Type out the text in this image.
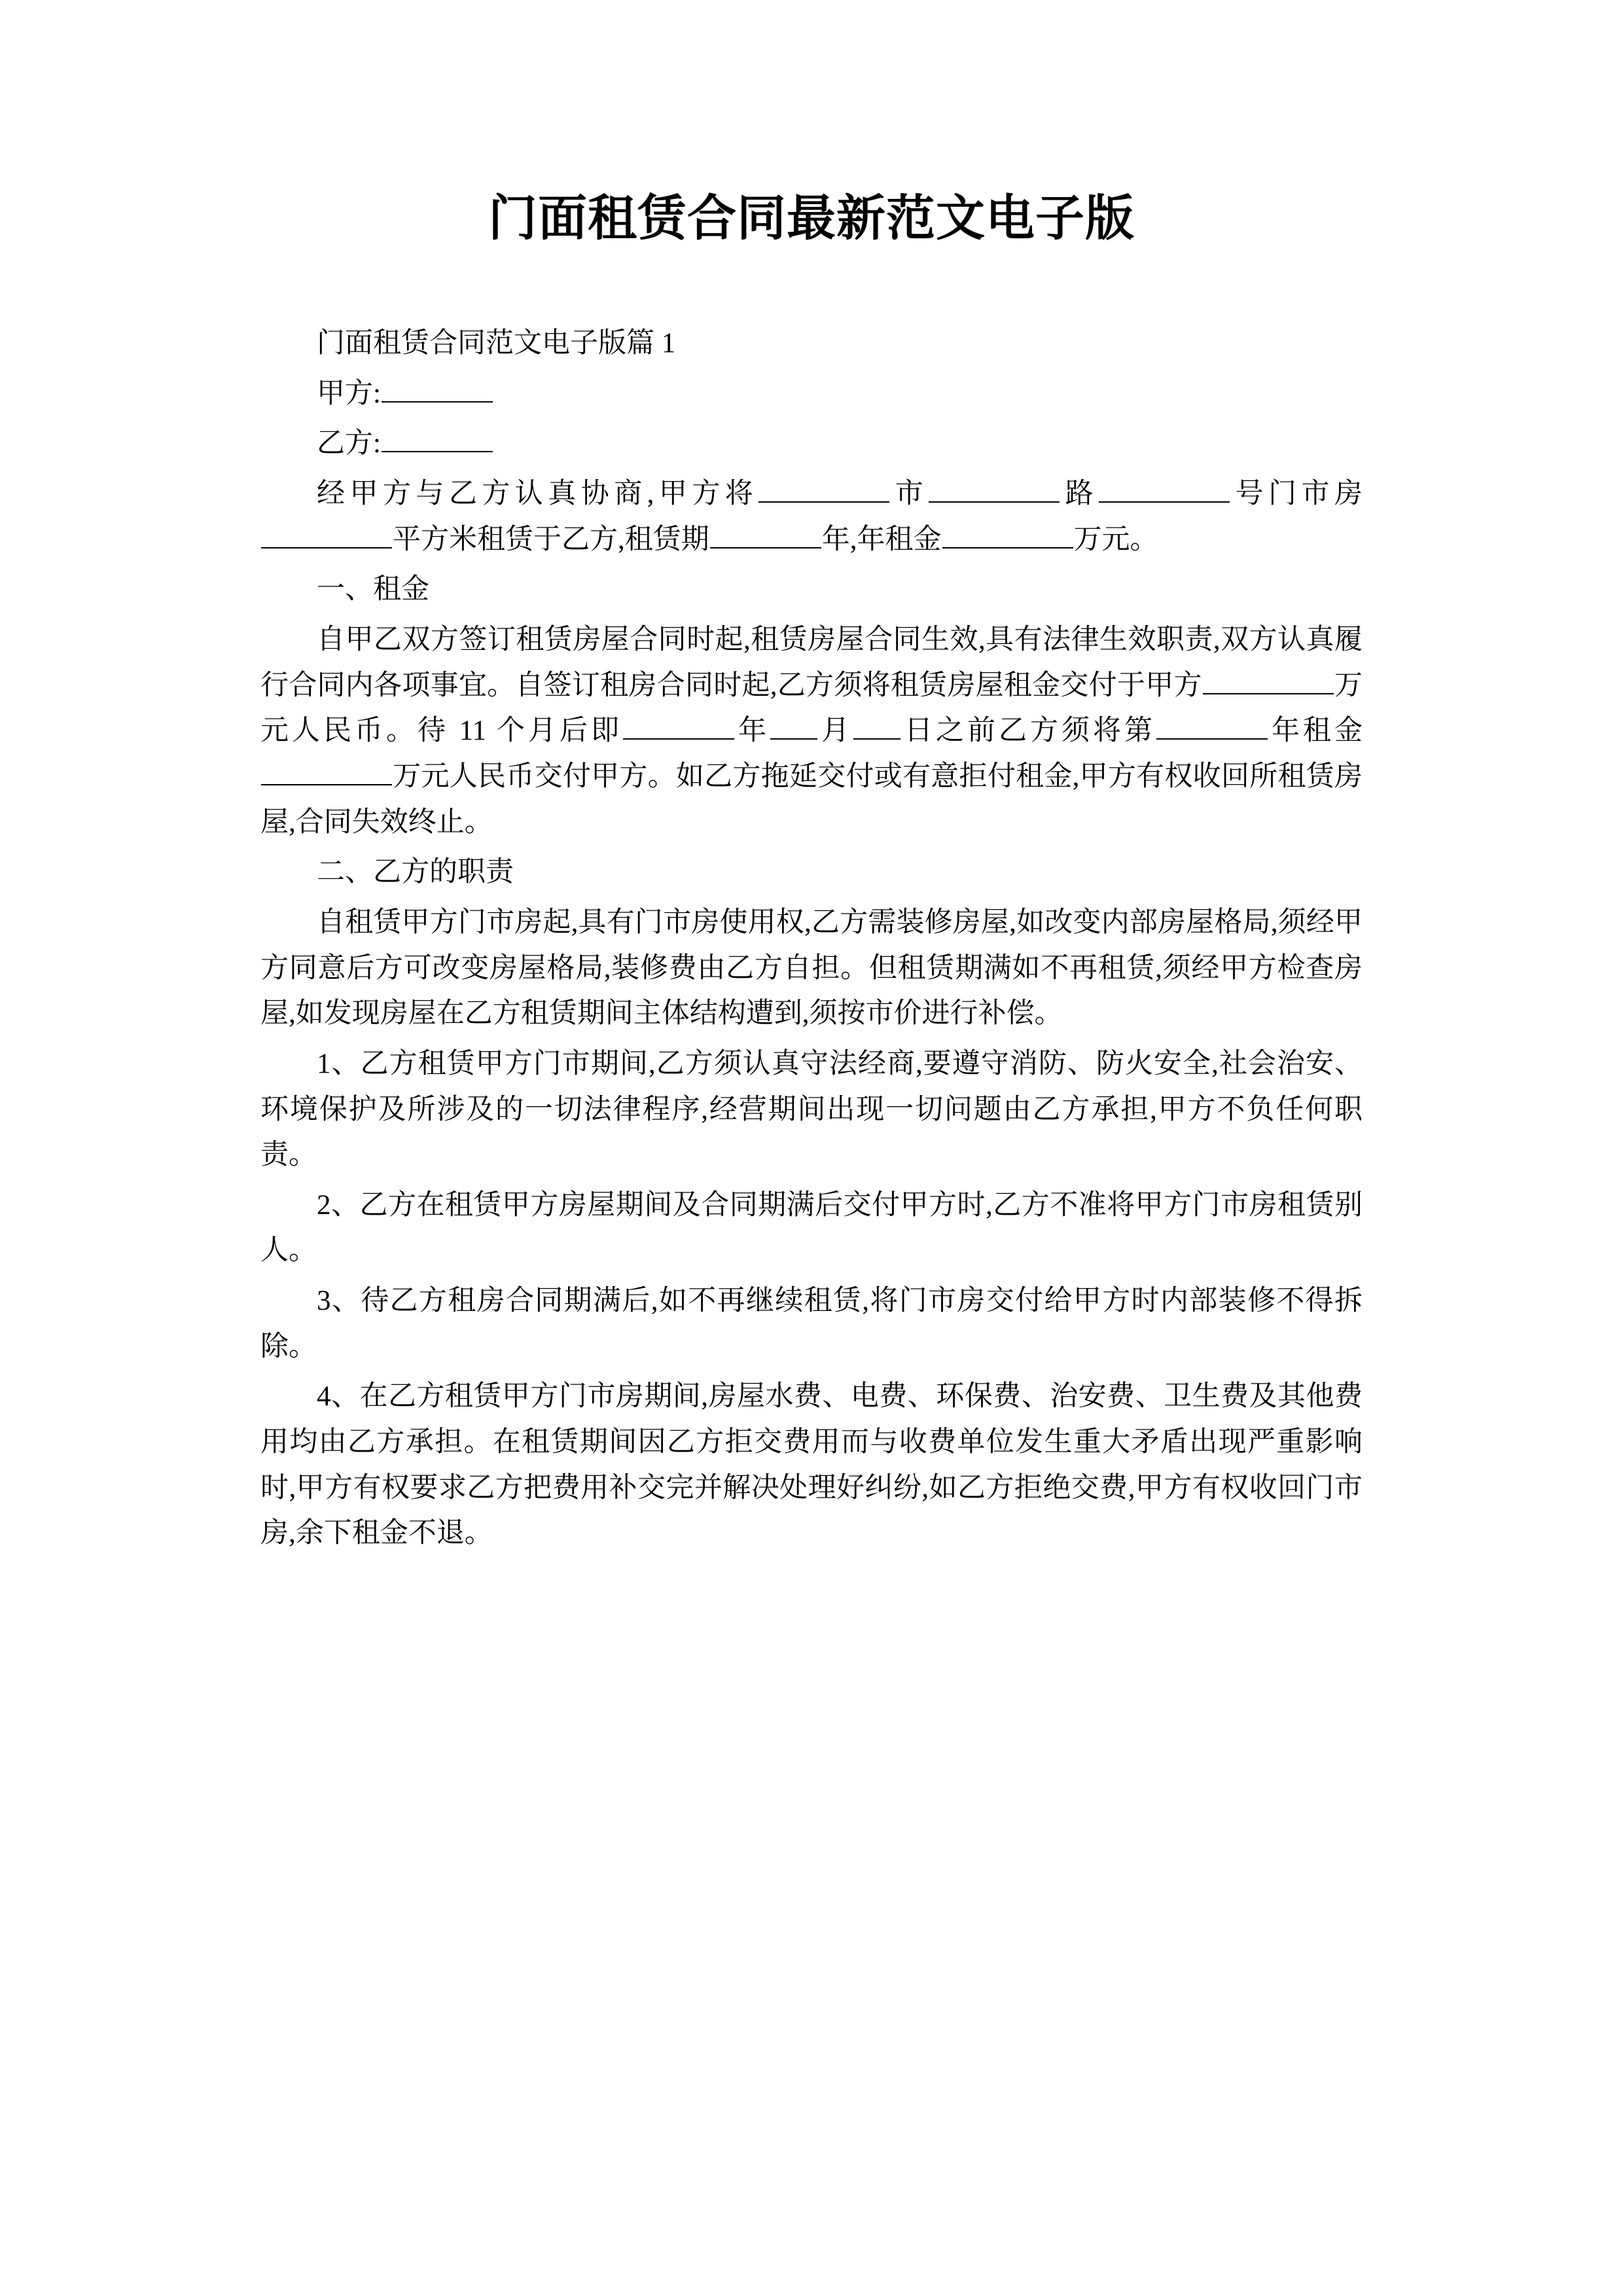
门面租赁合同最新范文电子版

门面租赁合同范文电子版篇 1

甲方:

乙方:

经甲方与乙方认真协商,甲方将	市	路	号门市房平方米租赁于乙方,租赁期	年,年租金	万元。

一、租金

自甲乙双方签订租赁房屋合同时起,租赁房屋合同生效,具有法律生效职责,双方认真履行合同内各项事宜。自签订租房合同时起,乙方须将租赁房屋租金交付于甲方	万元人民币。待 11 个月后即	年 月 日之前乙方须将第	年租金万元人民币交付甲方。如乙方拖延交付或有意拒付租金,甲方有权收回所租赁房屋,合同失效终止。

二、乙方的职责

自租赁甲方门市房起,具有门市房使用权,乙方需装修房屋,如改变内部房屋格局,须经甲方同意后方可改变房屋格局,装修费由乙方自担。但租赁期满如不再租赁,须经甲方检查房屋,如发现房屋在乙方租赁期间主体结构遭到,须按市价进行补偿。

1、乙方租赁甲方门市期间,乙方须认真守法经商,要遵守消防、防火安全,社会治安、环境保护及所涉及的一切法律程序,经营期间出现一切问题由乙方承担,甲方不负任何职责。

2、乙方在租赁甲方房屋期间及合同期满后交付甲方时,乙方不准将甲方门市房租赁别人。

3、待乙方租房合同期满后,如不再继续租赁,将门市房交付给甲方时内部装修不得拆除。

4、在乙方租赁甲方门市房期间,房屋水费、电费、环保费、治安费、卫生费及其他费用均由乙方承担。在租赁期间因乙方拒交费用而与收费单位发生重大矛盾出现严重影响时,甲方有权要求乙方把费用补交完并解决处理好纠纷,如乙方拒绝交费,甲方有权收回门市房,余下租金不退。
